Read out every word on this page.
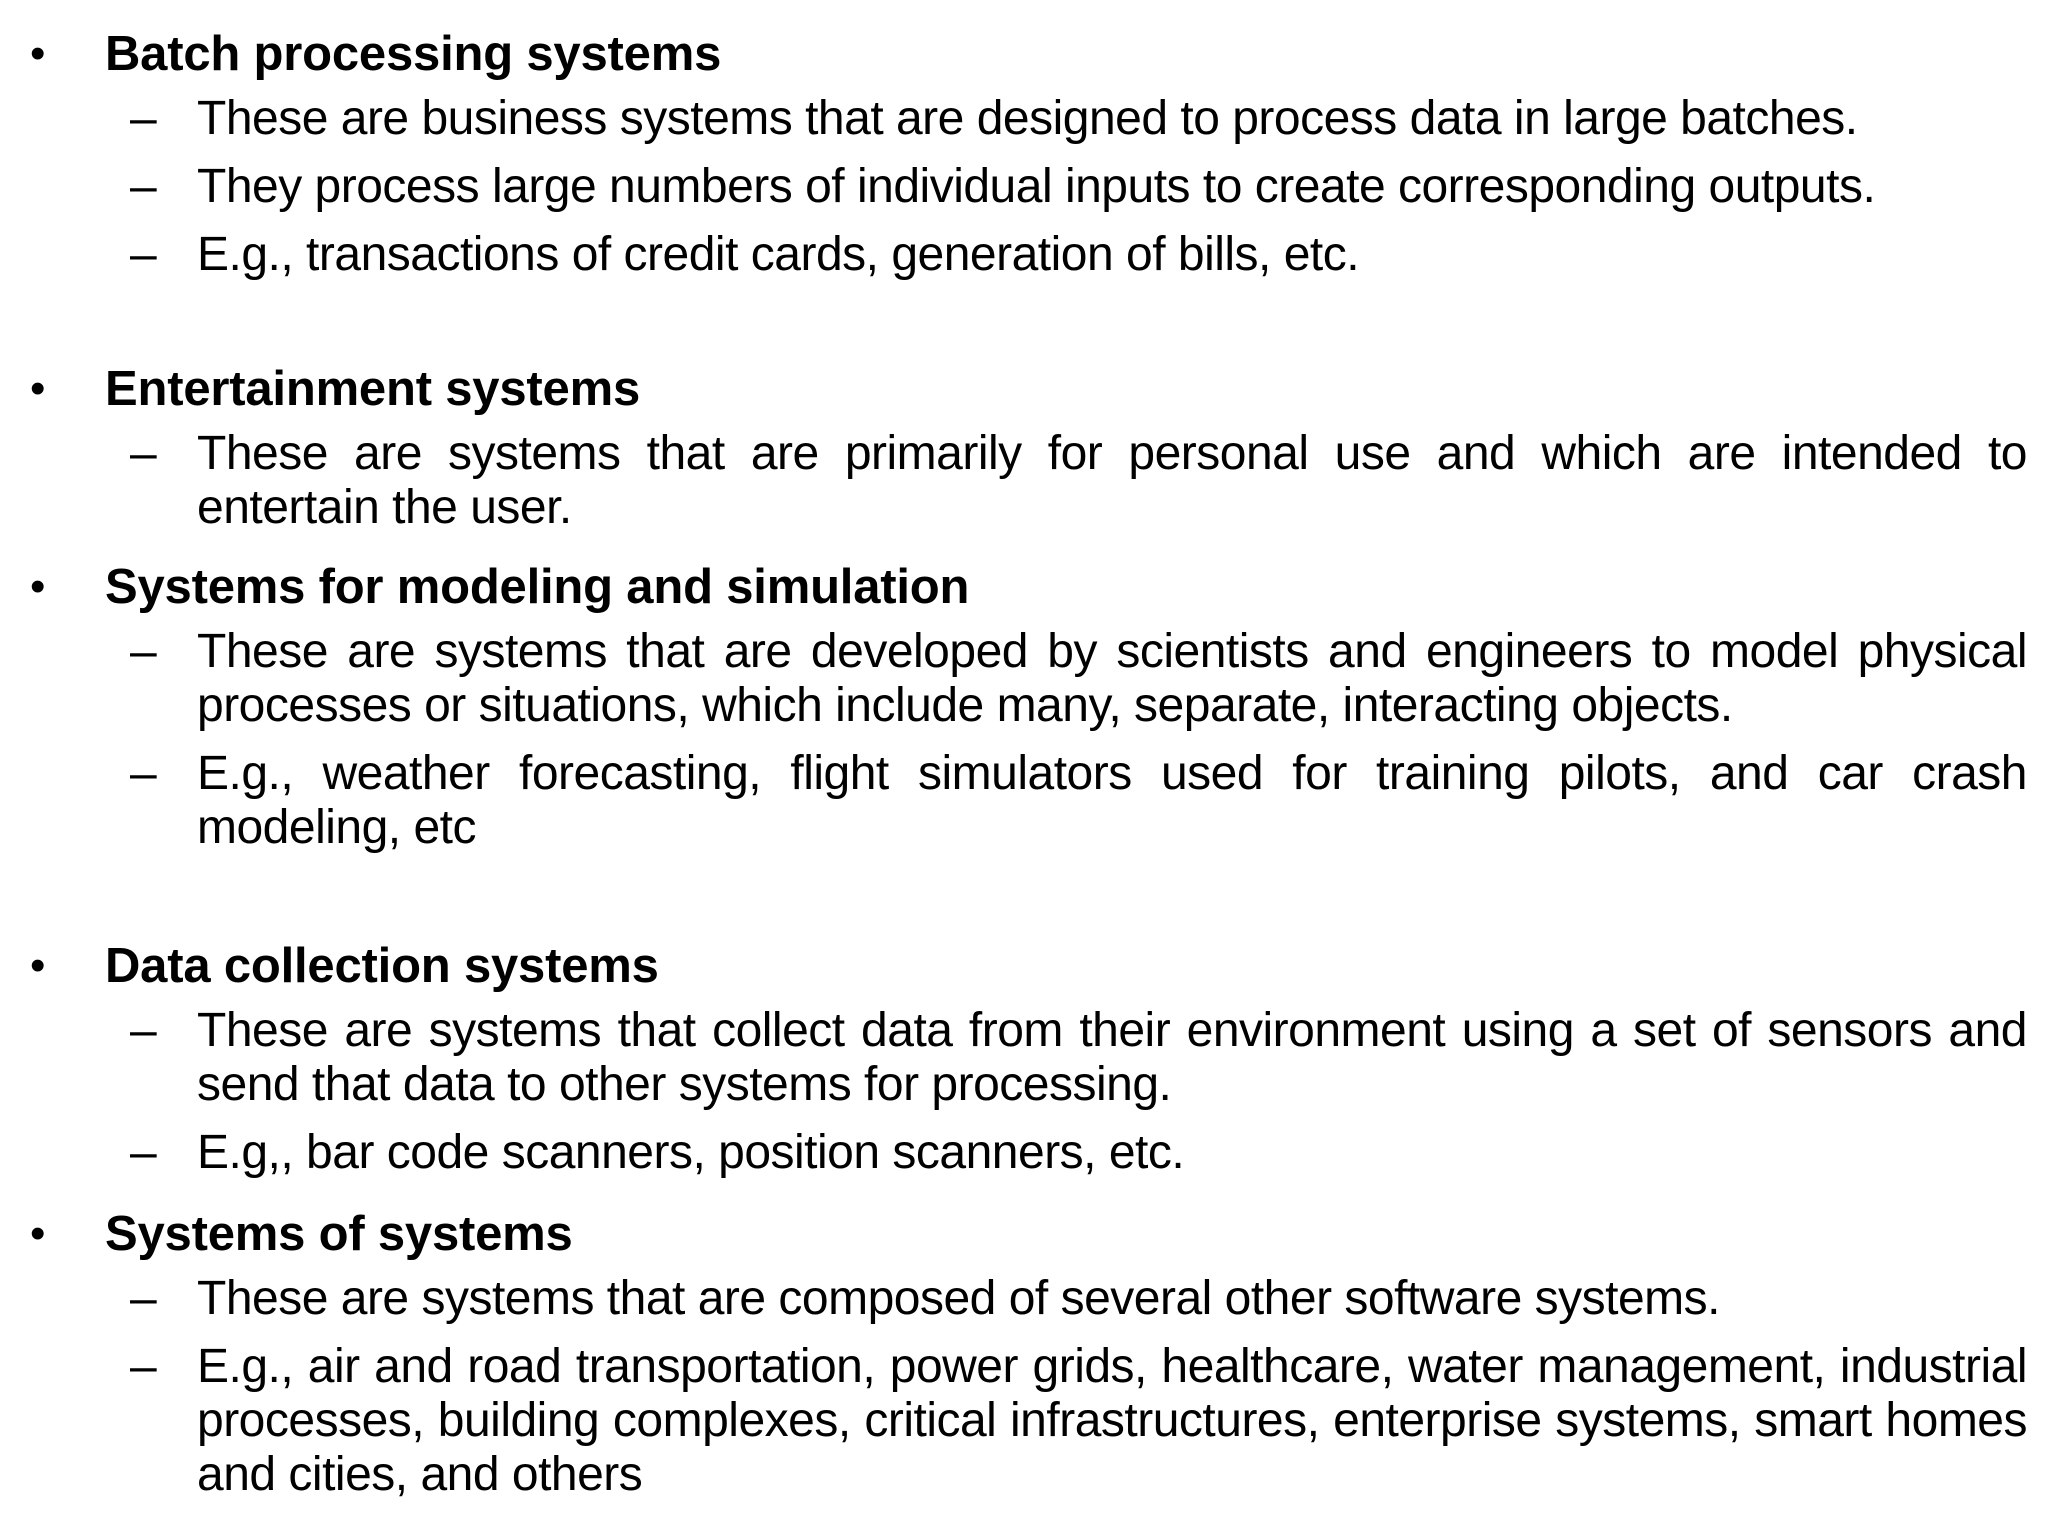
• Batch processing systems
– These are business systems that are designed to process data in large batches.
– They process large numbers of individual inputs to create corresponding outputs.
– E.g., transactions of credit cards, generation of bills, etc.
• Entertainment systems
– These are systems that are primarily for personal use and which are intended to entertain the user.
• Systems for modeling and simulation
– These are systems that are developed by scientists and engineers to model physical processes or situations, which include many, separate, interacting objects.
– E.g., weather forecasting, flight simulators used for training pilots, and car crash modeling, etc
• Data collection systems
– These are systems that collect data from their environment using a set of sensors and send that data to other systems for processing.
– E.g,, bar code scanners, position scanners, etc.
• Systems of systems
– These are systems that are composed of several other software systems.
– E.g., air and road transportation, power grids, healthcare, water management, industrial processes, building complexes, critical infrastructures, enterprise systems, smart homes and cities, and others
